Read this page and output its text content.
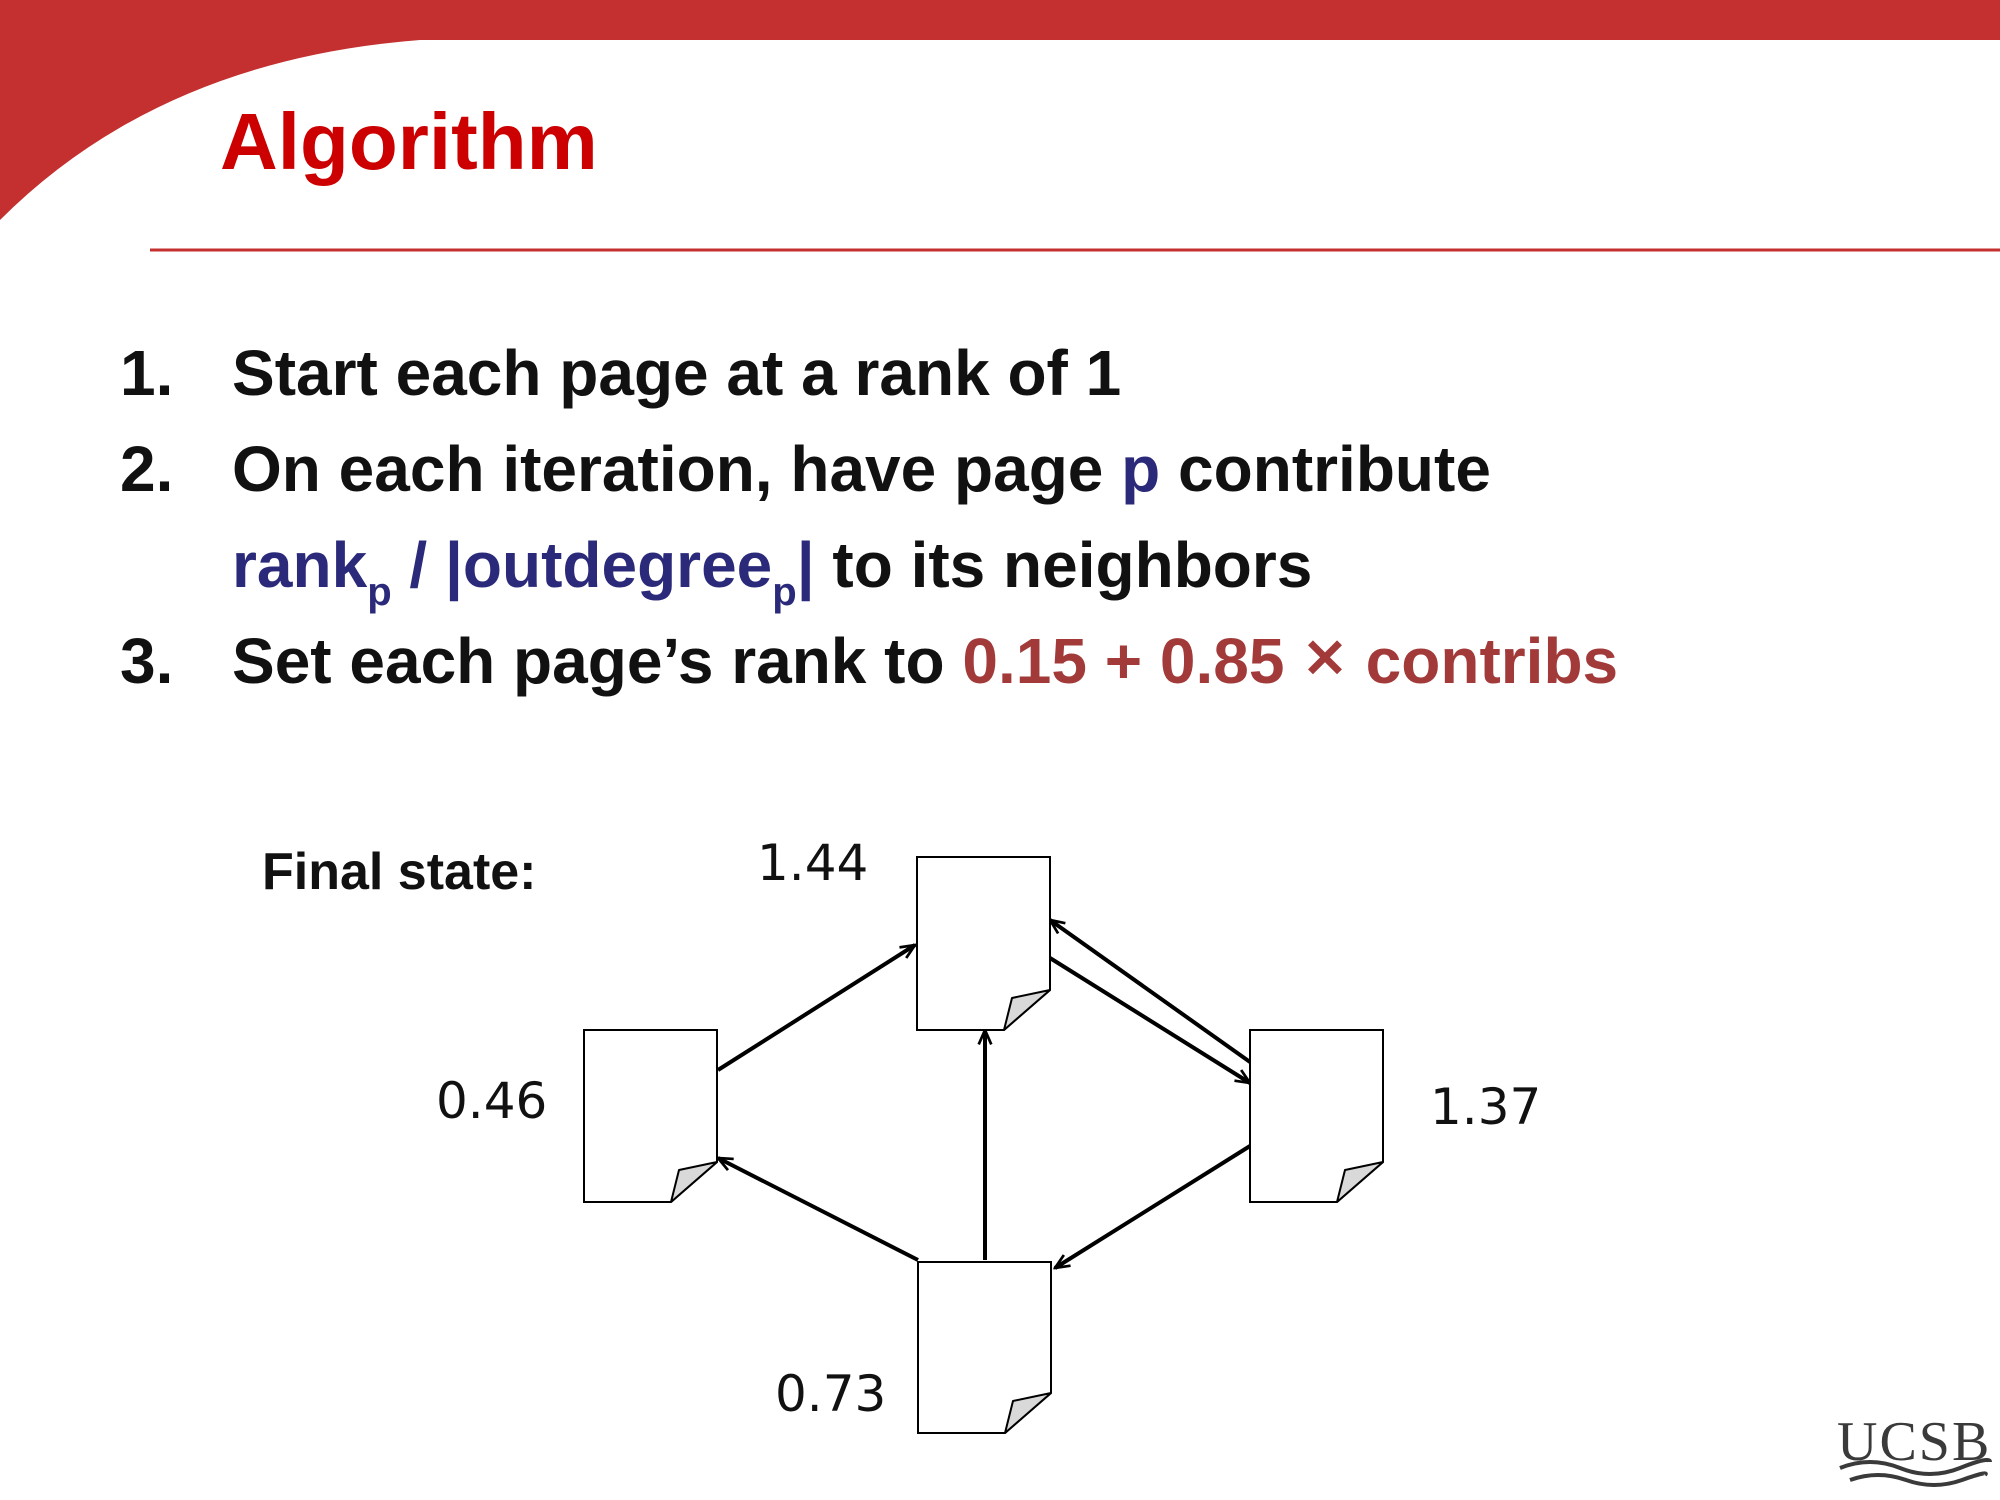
Algorithm
1. Start each page at a rank of 1
2. On each iteration, have page p contribute
rank$_p$ / |outdegree$_p$| to its neighbors
3. Set each page’s rank to 0.15 + 0.85 ✕ contribs

Final state:	1.44
0.46	1.37
0.73
UCSB
